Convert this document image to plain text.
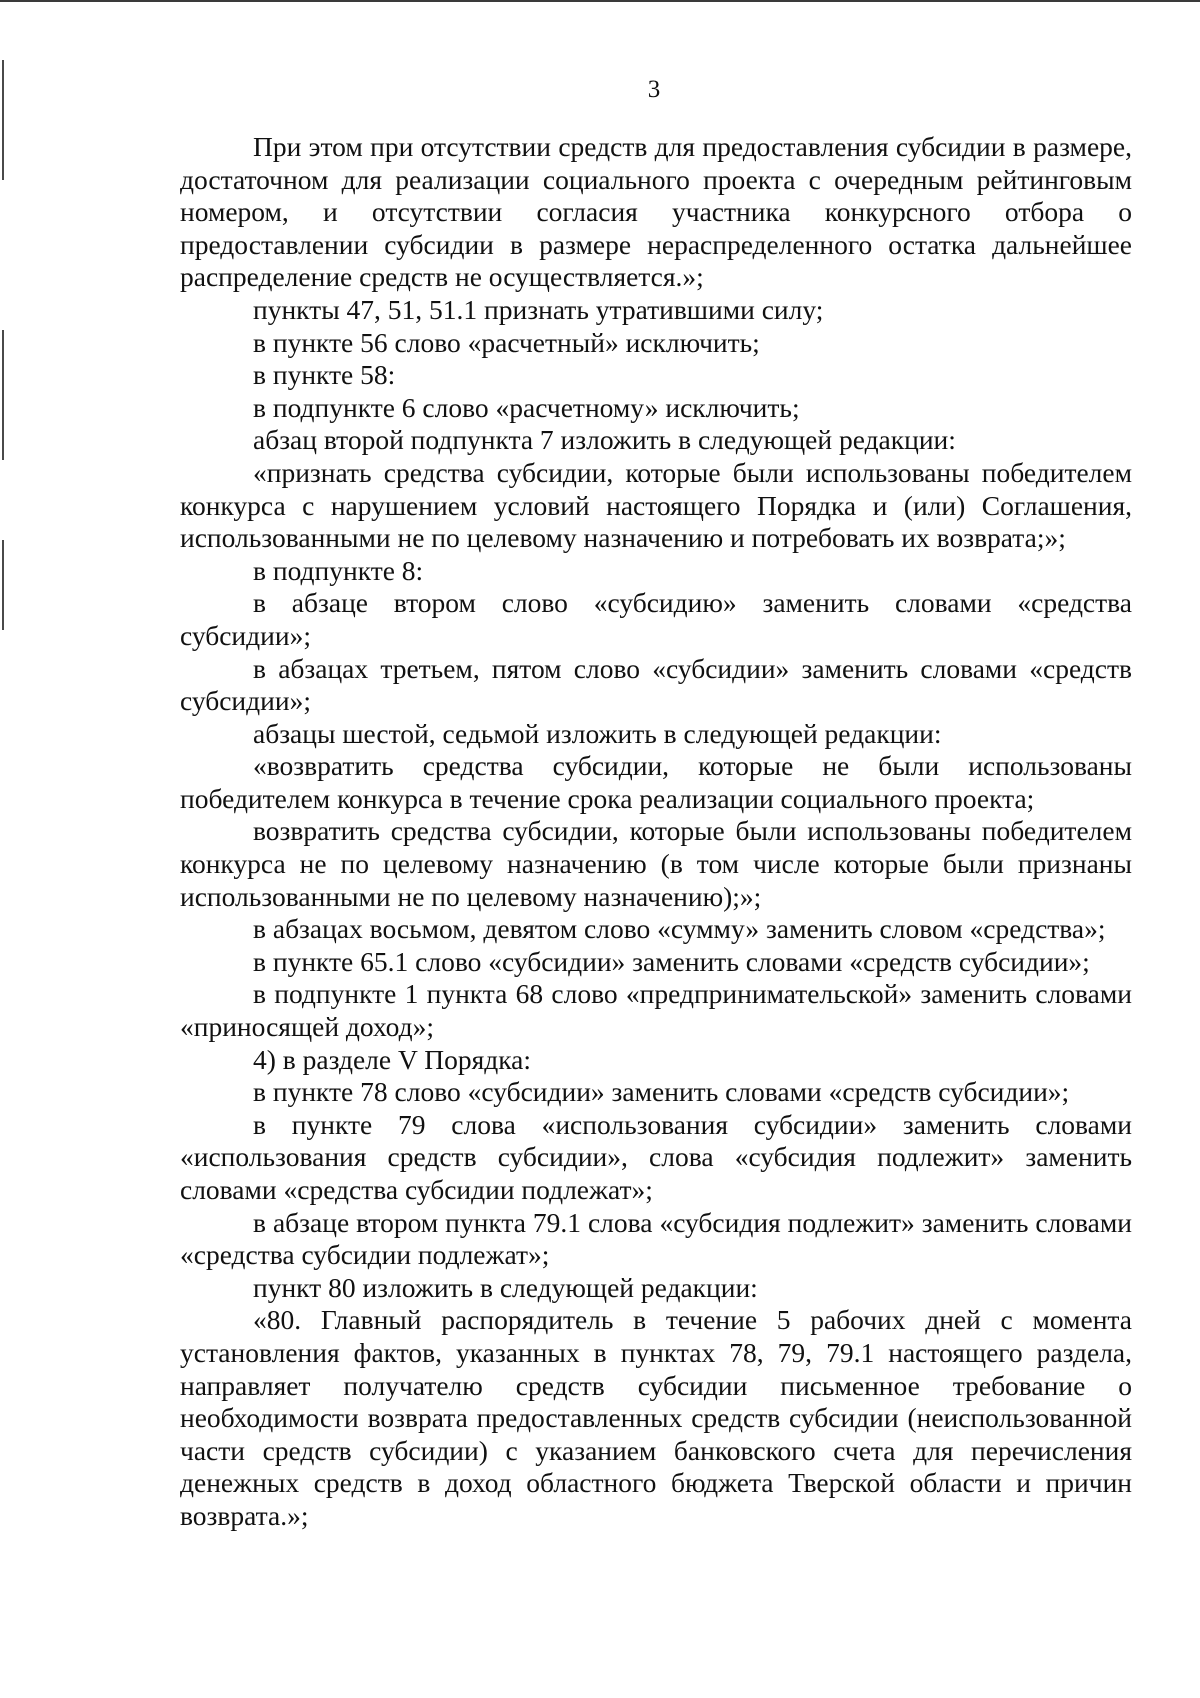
3

При этом при отсутствии средств для предоставления субсидии в размере, достаточном для реализации социального проекта с очередным рейтинговым номером, и отсутствии согласия участника конкурсного отбора о предоставлении субсидии в размере нераспределенного остатка дальнейшее распределение средств не осуществляется.»;

пункты 47, 51, 51.1 признать утратившими силу;

в пункте 56 слово «расчетный» исключить;

в пункте 58:

в подпункте 6 слово «расчетному» исключить;

абзац второй подпункта 7 изложить в следующей редакции:

«признать средства субсидии, которые были использованы победителем конкурса с нарушением условий настоящего Порядка и (или) Соглашения, использованными не по целевому назначению и потребовать их возврата;»;

в подпункте 8:

в абзаце втором слово «субсидию» заменить словами «средства субсидии»;

в абзацах третьем, пятом слово «субсидии» заменить словами «средств субсидии»;

абзацы шестой, седьмой изложить в следующей редакции:

«возвратить средства субсидии, которые не были использованы победителем конкурса в течение срока реализации социального проекта;

возвратить средства субсидии, которые были использованы победителем конкурса не по целевому назначению (в том числе которые были признаны использованными не по целевому назначению);»;

в абзацах восьмом, девятом слово «сумму» заменить словом «средства»;

в пункте 65.1 слово «субсидии» заменить словами «средств субсидии»;

в подпункте 1 пункта 68 слово «предпринимательской» заменить словами «приносящей доход»;

4) в разделе V Порядка:

в пункте 78 слово «субсидии» заменить словами «средств субсидии»;

в пункте 79 слова «использования субсидии» заменить словами «использования средств субсидии», слова «субсидия подлежит» заменить словами «средства субсидии подлежат»;

в абзаце втором пункта 79.1 слова «субсидия подлежит» заменить словами «средства субсидии подлежат»;

пункт 80 изложить в следующей редакции:

«80. Главный распорядитель в течение 5 рабочих дней с момента установления фактов, указанных в пунктах 78, 79, 79.1 настоящего раздела, направляет получателю средств субсидии письменное требование о необходимости возврата предоставленных средств субсидии (неиспользованной части средств субсидии) с указанием банковского счета для перечисления денежных средств в доход областного бюджета Тверской области и причин возврата.»;
